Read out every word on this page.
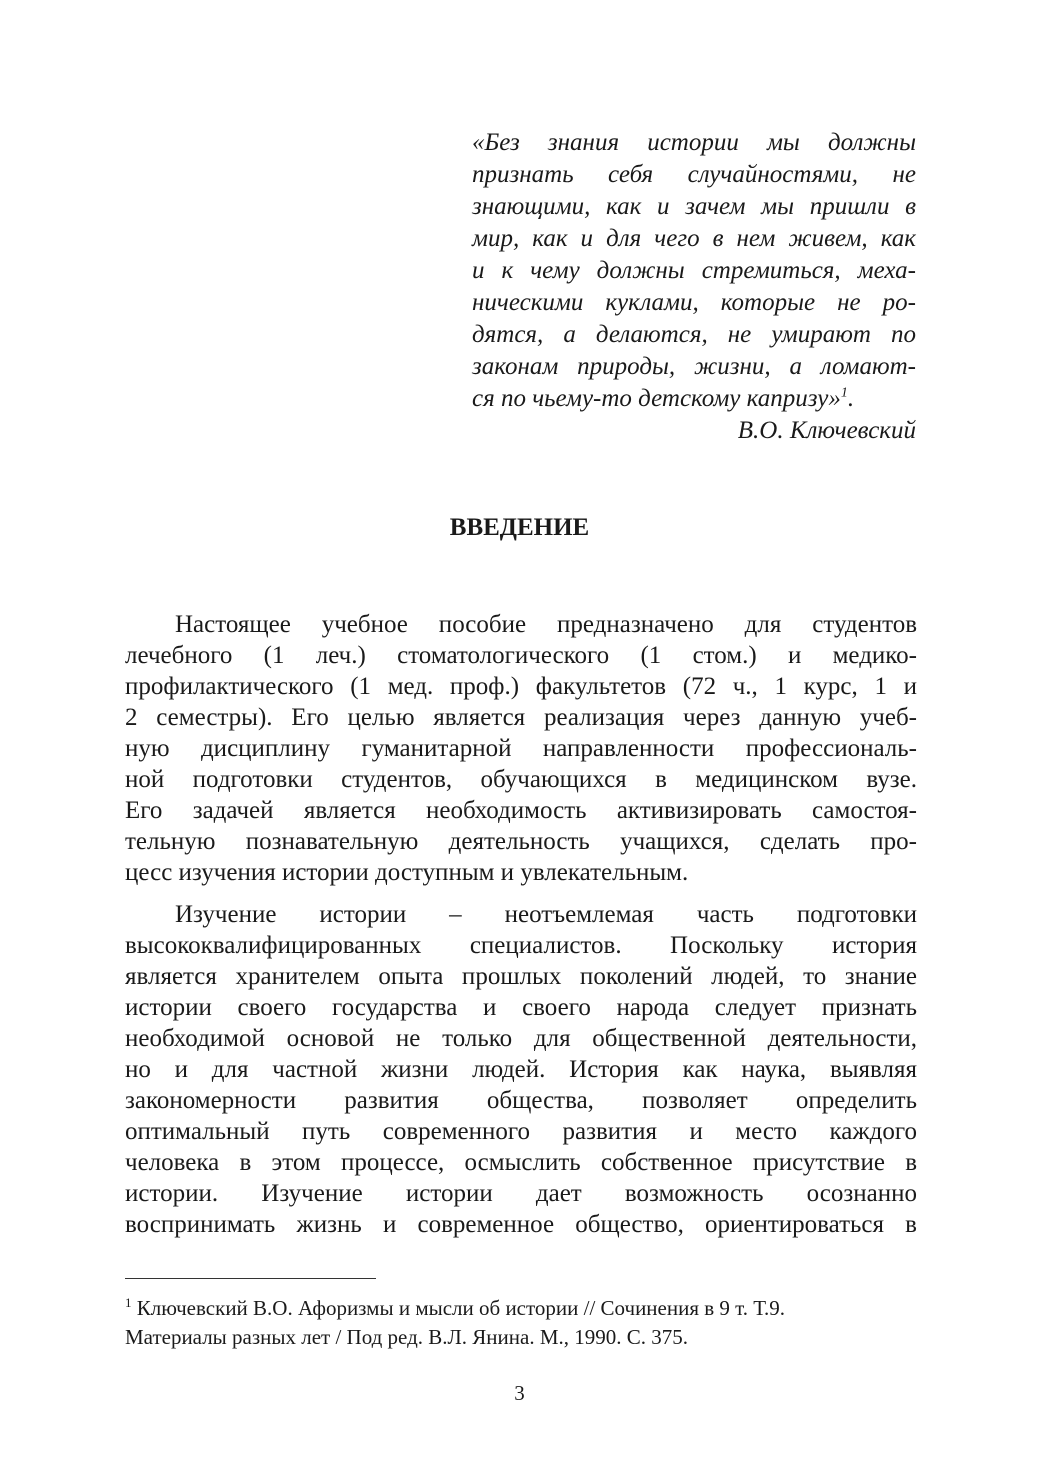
«Без знания истории мы должны
признать себя случайностями, не
знающими, как и зачем мы пришли в
мир, как и для чего в нем живем, как
и к чему должны стремиться, меха-
ническими куклами, которые не ро-
дятся, а делаются, не умирают по
законам природы, жизни, а ломают-
ся по чьему-то детскому капризу»$^1$.
В.О. Ключевский
ВВЕДЕНИЕ
Настоящее учебное пособие предназначено для студентов
лечебного (1 леч.) стоматологического (1 стом.) и медико-
профилактического (1 мед. проф.) факультетов (72 ч., 1 курс, 1 и
2 семестры). Его целью является реализация через данную учеб-
ную дисциплину гуманитарной направленности профессиональ-
ной подготовки студентов, обучающихся в медицинском вузе.
Его задачей является необходимость активизировать самостоя-
тельную познавательную деятельность учащихся, сделать про-
цесс изучения истории доступным и увлекательным.
Изучение истории – неотъемлемая часть подготовки
высококвалифицированных специалистов. Поскольку история
является хранителем опыта прошлых поколений людей, то знание
истории своего государства и своего народа следует признать
необходимой основой не только для общественной деятельности,
но и для частной жизни людей. История как наука, выявляя
закономерности развития общества, позволяет определить
оптимальный путь современного развития и место каждого
человека в этом процессе, осмыслить собственное присутствие в
истории. Изучение истории дает возможность осознанно
воспринимать жизнь и современное общество, ориентироваться в
$^1$ Ключевский В.О. Афоризмы и мысли об истории // Сочинения в 9 т. Т.9.
Материалы разных лет / Под ред. В.Л. Янина. М., 1990. С. 375.
3
